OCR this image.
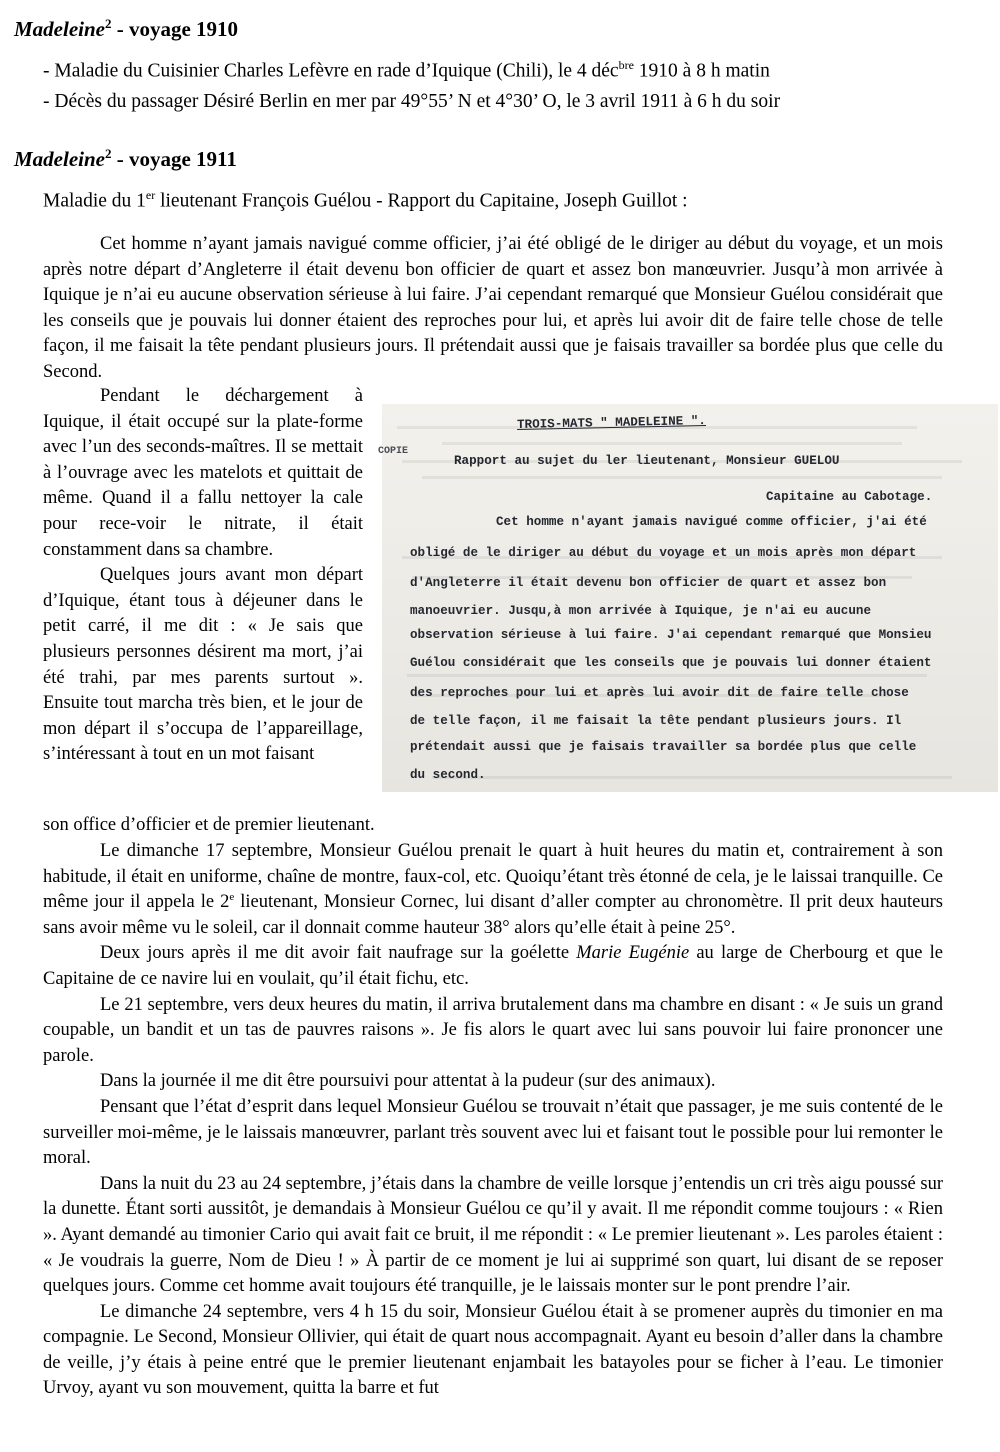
Madeleine$^2$ - voyage 1910
- Maladie du Cuisinier Charles Lefèvre en rade d’Iquique (Chili), le 4 déc$^{bre}$ 1910 à 8 h matin
- Décès du passager Désiré Berlin en mer par 49°55’ N et 4°30’ O, le 3 avril 1911 à 6 h du soir
Madeleine$^2$ - voyage 1911
Maladie du 1er lieutenant François Guélou - Rapport du Capitaine, Joseph Guillot :

Cet homme n’ayant jamais navigué comme officier, j’ai été obligé de le diriger au début du voyage, et un mois après notre départ d’Angleterre il était devenu bon officier de quart et assez bon manœuvrier. Jusqu’à mon arrivée à Iquique je n’ai eu aucune observation sérieuse à lui faire. J’ai cependant remarqué que Monsieur Guélou considérait que les conseils que je pouvais lui donner étaient des reproches pour lui, et après lui avoir dit de faire telle chose de telle façon, il me faisait la tête pendant plusieurs jours. Il prétendait aussi que je faisais travailler sa bordée plus que celle du Second.

Pendant le déchargement à Iquique, il était occupé sur la plate-forme avec l’un des seconds-maîtres. Il se mettait à l’ouvrage avec les matelots et quittait de même. Quand il a fallu nettoyer la cale pour rece-voir le nitrate, il était constamment dans sa chambre.

Quelques jours avant mon départ d’Iquique, étant tous à déjeuner dans le petit carré, il me dit : « Je sais que plusieurs personnes désirent ma mort, j’ai été trahi, par mes parents surtout ». Ensuite tout marcha très bien, et le jour de mon départ il s’occupa de l’appareillage, s’intéressant à tout en un mot faisant

son office d’officier et de premier lieutenant.
TROIS-MATS " MADELEINE ".
COPIE
Rapport au sujet du ler lieutenant, Monsieur GUELOU
Capitaine au Cabotage.
Cet homme n'ayant jamais navigué comme officier, j'ai été
obligé de le diriger au début du voyage et un mois après mon départ
d'Angleterre il était devenu bon officier de quart et assez bon
manoeuvrier. Jusqu,à mon arrivée à Iquique, je n'ai eu aucune
observation sérieuse à lui faire. J'ai cependant remarqué que Monsieu
Guélou considérait que les conseils que je pouvais lui donner étaient
des reproches pour lui et après lui avoir dit de faire telle chose
de telle façon, il me faisait la tête pendant plusieurs jours. Il
prétendait aussi que je faisais travailler sa bordée plus que celle
du second.

Le dimanche 17 septembre, Monsieur Guélou prenait le quart à huit heures du matin et, contrairement à son habitude, il était en uniforme, chaîne de montre, faux-col, etc. Quoiqu’étant très étonné de cela, je le laissai tranquille. Ce même jour il appela le 2e lieutenant, Monsieur Cornec, lui disant d’aller compter au chronomètre. Il prit deux hauteurs sans avoir même vu le soleil, car il donnait comme hauteur 38° alors qu’elle était à peine 25°.

Deux jours après il me dit avoir fait naufrage sur la goélette Marie Eugénie au large de Cherbourg et que le Capitaine de ce navire lui en voulait, qu’il était fichu, etc.

Le 21 septembre, vers deux heures du matin, il arriva brutalement dans ma chambre en disant : « Je suis un grand coupable, un bandit et un tas de pauvres raisons ». Je fis alors le quart avec lui sans pouvoir lui faire prononcer une parole.

Dans la journée il me dit être poursuivi pour attentat à la pudeur (sur des animaux).

Pensant que l’état d’esprit dans lequel Monsieur Guélou se trouvait n’était que passager, je me suis contenté de le surveiller moi-même, je le laissais manœuvrer, parlant très souvent avec lui et faisant tout le possible pour lui remonter le moral.

Dans la nuit du 23 au 24 septembre, j’étais dans la chambre de veille lorsque j’entendis un cri très aigu poussé sur la dunette. Étant sorti aussitôt, je demandais à Monsieur Guélou ce qu’il y avait. Il me répondit comme toujours : « Rien ». Ayant demandé au timonier Cario qui avait fait ce bruit, il me répondit : « Le premier lieutenant ». Les paroles étaient : « Je voudrais la guerre, Nom de Dieu ! » À partir de ce moment je lui ai supprimé son quart, lui disant de se reposer quelques jours. Comme cet homme avait toujours été tranquille, je le laissais monter sur le pont prendre l’air.

Le dimanche 24 septembre, vers 4 h 15 du soir, Monsieur Guélou était à se promener auprès du timonier en ma compagnie. Le Second, Monsieur Ollivier, qui était de quart nous accompagnait. Ayant eu besoin d’aller dans la chambre de veille, j’y étais à peine entré que le premier lieutenant enjambait les batayoles pour se ficher à l’eau. Le timonier Urvoy, ayant vu son mouvement, quitta la barre et fut
